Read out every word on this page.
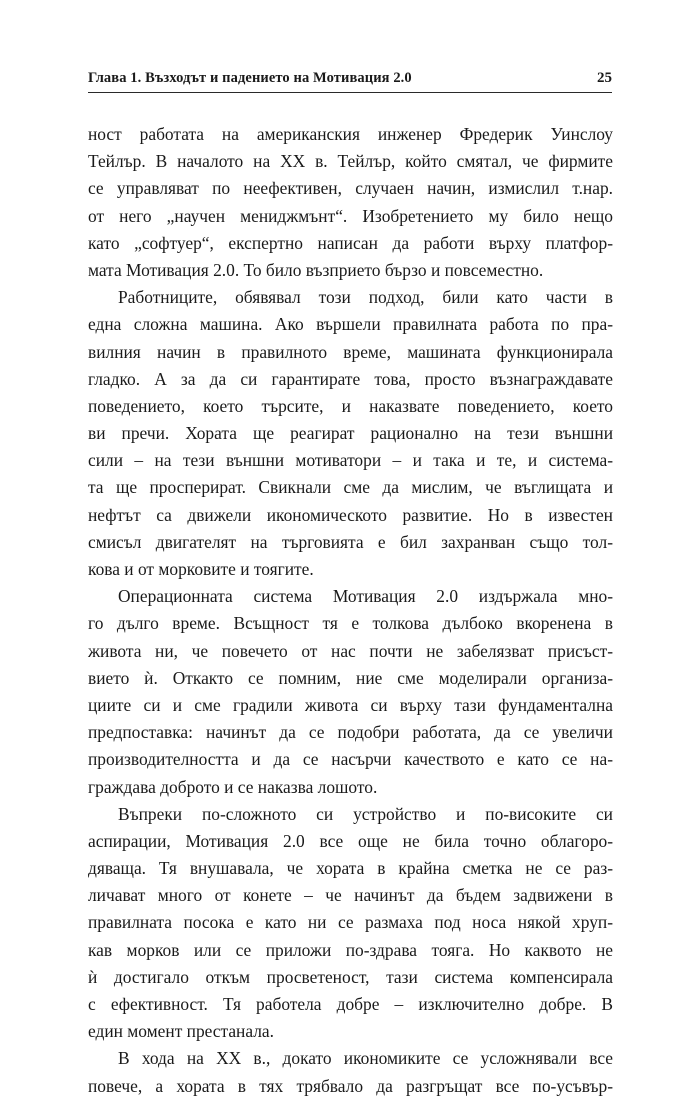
Глава 1. Възходът и падението на Мотивация 2.0	25
ност работата на американския инженер Фредерик Уинслоу
Тейлър. В началото на XX в. Тейлър, който смятал, че фирмите
се управляват по неефективен, случаен начин, измислил т.нар.
от него „научен мениджмънт“. Изобретението му било нещо
като „софтуер“, експертно написан да работи върху платфор-
мата Мотивация 2.0. То било възприето бързо и повсеместно.
Работниците, обявявал този подход, били като части в
една сложна машина. Ако вършели правилната работа по пра-
вилния начин в правилното време, машината функционирала
гладко. А за да си гарантирате това, просто възнаграждавате
поведението, което търсите, и наказвате поведението, което
ви пречи. Хората ще реагират рационално на тези външни
сили – на тези външни мотиватори – и така и те, и система-
та ще просперират. Свикнали сме да мислим, че въглищата и
нефтът са движели икономическото развитие. Но в известен
смисъл двигателят на търговията е бил захранван също тол-
кова и от морковите и тоягите.
Операционната система Мотивация 2.0 издържала мно-
го дълго време. Всъщност тя е толкова дълбоко вкоренена в
живота ни, че повечето от нас почти не забелязват присъст-
вието ѝ. Откакто се помним, ние сме моделирали организа-
циите си и сме градили живота си върху тази фундаментална
предпоставка: начинът да се подобри работата, да се увеличи
производителността и да се насърчи качеството е като се на-
граждава доброто и се наказва лошото.
Въпреки по-сложното си устройство и по-високите си
аспирации, Мотивация 2.0 все още не била точно облагоро-
дяваща. Тя внушавала, че хората в крайна сметка не се раз-
личават много от конете – че начинът да бъдем задвижени в
правилната посока е като ни се размаха под носа някой хруп-
кав морков или се приложи по-здрава тояга. Но каквото не
ѝ достигало откъм просветеност, тази система компенсирала
с ефективност. Тя работела добре – изключително добре. В
един момент престанала.
В хода на XX в., докато икономиките се усложнявали все
повече, а хората в тях трябвало да разгръщат все по-усъвър-
